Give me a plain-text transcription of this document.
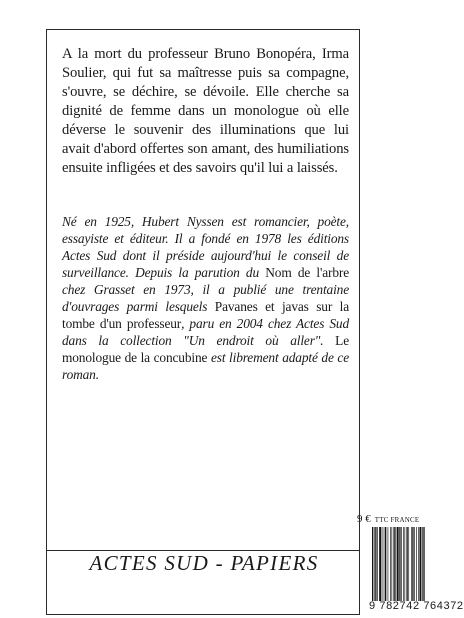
A la mort du professeur Bruno Bonopéra, Irma Soulier, qui fut sa maîtresse puis sa compagne, s'ouvre, se déchire, se dévoile. Elle cherche sa dignité de femme dans un monologue où elle déverse le souvenir des illuminations que lui avait d'abord offertes son amant, des humiliations ensuite infligées et des savoirs qu'il lui a laissés.

Né en 1925, Hubert Nyssen est romancier, poète, essayiste et éditeur. Il a fondé en 1978 les éditions Actes Sud dont il préside aujourd'hui le conseil de surveillance. Depuis la parution du Nom de l'arbre chez Grasset en 1973, il a publié une trentaine d'ouvrages parmi lesquels Pavanes et javas sur la tombe d'un professeur, paru en 2004 chez Actes Sud dans la collection "Un endroit où aller". Le monologue de la concubine est librement adapté de ce roman.

ACTES SUD - PAPIERS
9 € TTC FRANCE
9 782742 764372
